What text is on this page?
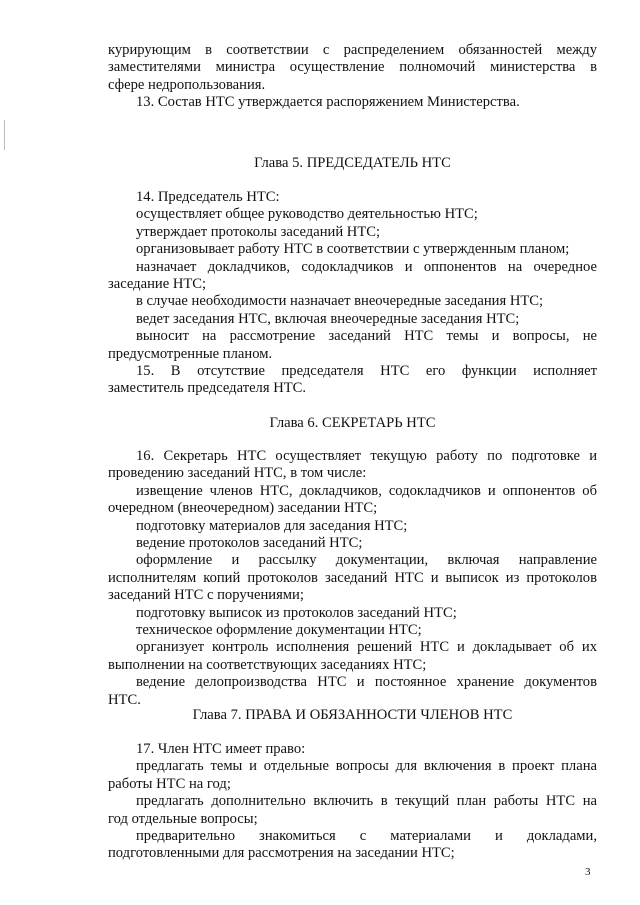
курирующим в соответствии с распределением обязанностей между

заместителями министра осуществление полномочий министерства в

сфере недропользования.

13. Состав НТС утверждается распоряжением Министерства.

Глава 5. ПРЕДСЕДАТЕЛЬ НТС

14. Председатель НТС:

осуществляет общее руководство деятельностью НТС;

утверждает протоколы заседаний НТС;

организовывает работу НТС в соответствии с утвержденным планом;

назначает докладчиков, содокладчиков и оппонентов на очередное

заседание НТС;

в случае необходимости назначает внеочередные заседания НТС;

ведет заседания НТС, включая внеочередные заседания НТС;

выносит на рассмотрение заседаний НТС темы и вопросы, не

предусмотренные планом.

15. В отсутствие председателя НТС его функции исполняет

заместитель председателя НТС.

Глава 6. СЕКРЕТАРЬ НТС

16. Секретарь НТС осуществляет текущую работу по подготовке и

проведению заседаний НТС, в том числе:

извещение членов НТС, докладчиков, содокладчиков и оппонентов об

очередном (внеочередном) заседании НТС;

подготовку материалов для заседания НТС;

ведение протоколов заседаний НТС;

оформление и рассылку документации, включая направление

исполнителям копий протоколов заседаний НТС и выписок из протоколов

заседаний НТС с поручениями;

подготовку выписок из протоколов заседаний НТС;

техническое оформление документации НТС;

организует контроль исполнения решений НТС и докладывает об их

выполнении на соответствующих заседаниях НТС;

ведение делопроизводства НТС и постоянное хранение документов

НТС.

Глава 7. ПРАВА И ОБЯЗАННОСТИ ЧЛЕНОВ НТС

17. Член НТС имеет право:

предлагать темы и отдельные вопросы для включения в проект плана

работы НТС на год;

предлагать дополнительно включить в текущий план работы НТС на

год отдельные вопросы;

предварительно знакомиться с материалами и докладами,

подготовленными для рассмотрения на заседании НТС;

3
